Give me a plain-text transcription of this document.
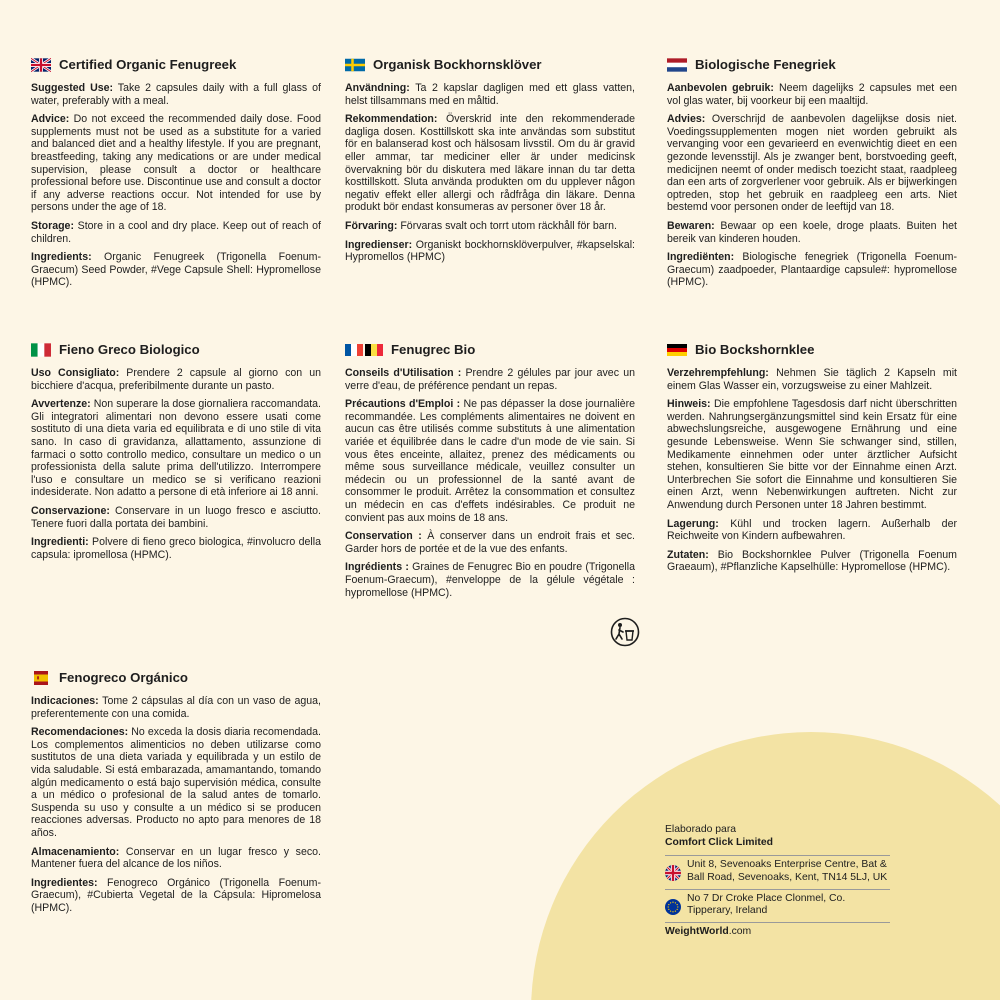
Certified Organic Fenugreek

Suggested Use: Take 2 capsules daily with a full glass of water, preferably with a meal.

Advice: Do not exceed the recommended daily dose. Food supplements must not be used as a substitute for a varied and balanced diet and a healthy lifestyle. If you are pregnant, breastfeeding, taking any medications or are under medical supervision, please consult a doctor or healthcare professional before use. Discontinue use and consult a doctor if any adverse reactions occur. Not intended for use by persons under the age of 18.

Storage: Store in a cool and dry place. Keep out of reach of children.

Ingredients: Organic Fenugreek (Trigonella Foenum-Graecum) Seed Powder, #Vege Capsule Shell: Hypromellose (HPMC).

Organisk Bockhornsklöver

Användning: Ta 2 kapslar dagligen med ett glass vatten, helst tillsammans med en måltid.

Rekommendation: Överskrid inte den rekommenderade dagliga dosen. Kosttillskott ska inte användas som substitut för en balanserad kost och hälsosam livsstil. Om du är gravid eller ammar, tar mediciner eller är under medicinsk övervakning bör du diskutera med läkare innan du tar detta kosttillskott. Sluta använda produkten om du upplever någon negativ effekt eller allergi och rådfråga din läkare. Denna produkt bör endast konsumeras av personer över 18 år.

Förvaring: Förvaras svalt och torrt utom räckhåll för barn.

Ingredienser: Organiskt bockhornsklöverpulver, #kapselskal: Hypromellos (HPMC)

Biologische Fenegriek

Aanbevolen gebruik: Neem dagelijks 2 capsules met een vol glas water, bij voorkeur bij een maaltijd.

Advies: Overschrijd de aanbevolen dagelijkse dosis niet. Voedingssupplementen mogen niet worden gebruikt als vervanging voor een gevarieerd en evenwichtig dieet en een gezonde levensstijl. Als je zwanger bent, borstvoeding geeft, medicijnen neemt of onder medisch toezicht staat, raadpleeg dan een arts of zorgverlener voor gebruik. Als er bijwerkingen optreden, stop het gebruik en raadpleeg een arts. Niet bestemd voor personen onder de leeftijd van 18.

Bewaren: Bewaar op een koele, droge plaats. Buiten het bereik van kinderen houden.

Ingrediënten: Biologische fenegriek (Trigonella Foenum-Graecum) zaadpoeder, Plantaardige capsule#: hypromellose (HPMC).

Fieno Greco Biologico

Uso Consigliato: Prendere 2 capsule al giorno con un bicchiere d'acqua, preferibilmente durante un pasto.

Avvertenze: Non superare la dose giornaliera raccomandata. Gli integratori alimentari non devono essere usati come sostituto di una dieta varia ed equilibrata e di uno stile di vita sano. In caso di gravidanza, allattamento, assunzione di farmaci o sotto controllo medico, consultare un medico o un professionista della salute prima dell'utilizzo. Interrompere l'uso e consultare un medico se si verificano reazioni indesiderate. Non adatto a persone di età inferiore ai 18 anni.

Conservazione: Conservare in un luogo fresco e asciutto. Tenere fuori dalla portata dei bambini.

Ingredienti: Polvere di fieno greco biologica, #involucro della capsula: ipromellosa (HPMC).

Fenugrec Bio

Conseils d'Utilisation : Prendre 2 gélules par jour avec un verre d'eau, de préférence pendant un repas.

Précautions d'Emploi : Ne pas dépasser la dose journalière recommandée. Les compléments alimentaires ne doivent en aucun cas être utilisés comme substituts à une alimentation variée et équilibrée dans le cadre d'un mode de vie sain. Si vous êtes enceinte, allaitez, prenez des médicaments ou même sous surveillance médicale, veuillez consulter un médecin ou un professionnel de la santé avant de consommer le produit. Arrêtez la consommation et consultez un médecin en cas d'effets indésirables. Ce produit ne convient pas aux moins de 18 ans.

Conservation : À conserver dans un endroit frais et sec. Garder hors de portée et de la vue des enfants.

Ingrédients : Graines de Fenugrec Bio en poudre (Trigonella Foenum-Graecum), #enveloppe de la gélule végétale : hypromellose (HPMC).

Bio Bockshornklee

Verzehrempfehlung: Nehmen Sie täglich 2 Kapseln mit einem Glas Wasser ein, vorzugsweise zu einer Mahlzeit.

Hinweis: Die empfohlene Tagesdosis darf nicht überschritten werden. Nahrungsergänzungsmittel sind kein Ersatz für eine abwechslungsreiche, ausgewogene Ernährung und eine gesunde Lebensweise. Wenn Sie schwanger sind, stillen, Medikamente einnehmen oder unter ärztlicher Aufsicht stehen, konsultieren Sie bitte vor der Einnahme einen Arzt. Unterbrechen Sie sofort die Einnahme und konsultieren Sie einen Arzt, wenn Nebenwirkungen auftreten. Nicht zur Anwendung durch Personen unter 18 Jahren bestimmt.

Lagerung: Kühl und trocken lagern. Außerhalb der Reichweite von Kindern aufbewahren.

Zutaten: Bio Bockshornklee Pulver (Trigonella Foenum Graeaum), #Pflanzliche Kapselhülle: Hypromellose (HPMC).

Fenogreco Orgánico

Indicaciones: Tome 2 cápsulas al día con un vaso de agua, preferentemente con una comida.

Recomendaciones: No exceda la dosis diaria recomendada. Los complementos alimenticios no deben utilizarse como sustitutos de una dieta variada y equilibrada y un estilo de vida saludable. Si está embarazada, amamantando, tomando algún medicamento o está bajo supervisión médica, consulte a un médico o profesional de la salud antes de tomarlo. Suspenda su uso y consulte a un médico si se producen reacciones adversas. Producto no apto para menores de 18 años.

Almacenamiento: Conservar en un lugar fresco y seco. Mantener fuera del alcance de los niños.

Ingredientes: Fenogreco Orgánico (Trigonella Foenum-Graecum), #Cubierta Vegetal de la Cápsula: Hipromelosa (HPMC).

Elaborado para
Comfort Click Limited
Unit 8, Sevenoaks Enterprise Centre, Bat & Ball Road, Sevenoaks, Kent, TN14 5LJ, UK
No 7 Dr Croke Place Clonmel, Co. Tipperary, Ireland
WeightWorld.com
